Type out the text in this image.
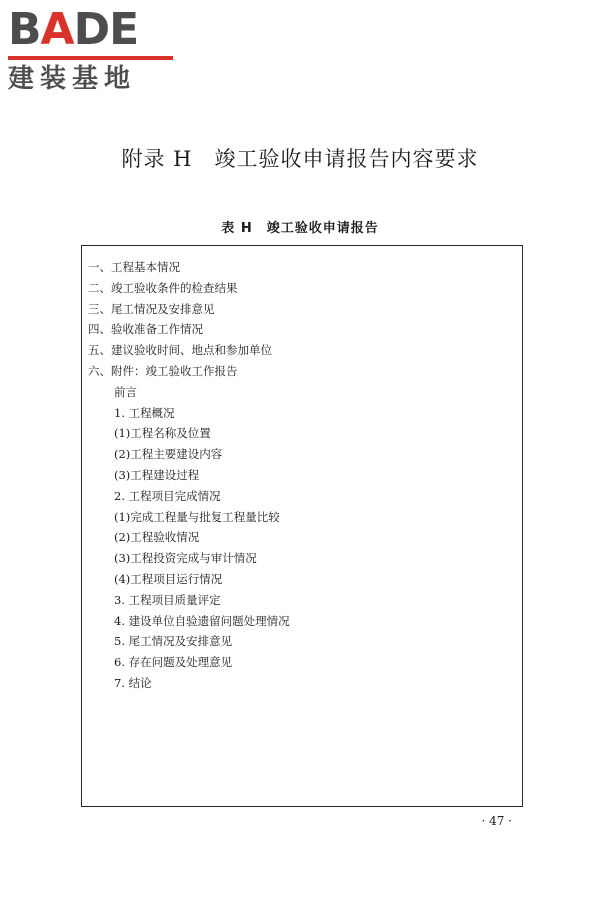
BADE
建装基地
附录 H　竣工验收申请报告内容要求
表 H　竣工验收申请报告
一、工程基本情况
二、竣工验收条件的检查结果
三、尾工情况及安排意见
四、验收准备工作情况
五、建议验收时间、地点和参加单位
六、附件：竣工验收工作报告
前言
1. 工程概况
(1)工程名称及位置
(2)工程主要建设内容
(3)工程建设过程
2. 工程项目完成情况
(1)完成工程量与批复工程量比较
(2)工程验收情况
(3)工程投资完成与审计情况
(4)工程项目运行情况
3. 工程项目质量评定
4. 建设单位自验遗留问题处理情况
5. 尾工情况及安排意见
6. 存在问题及处理意见
7. 结论
· 47 ·
